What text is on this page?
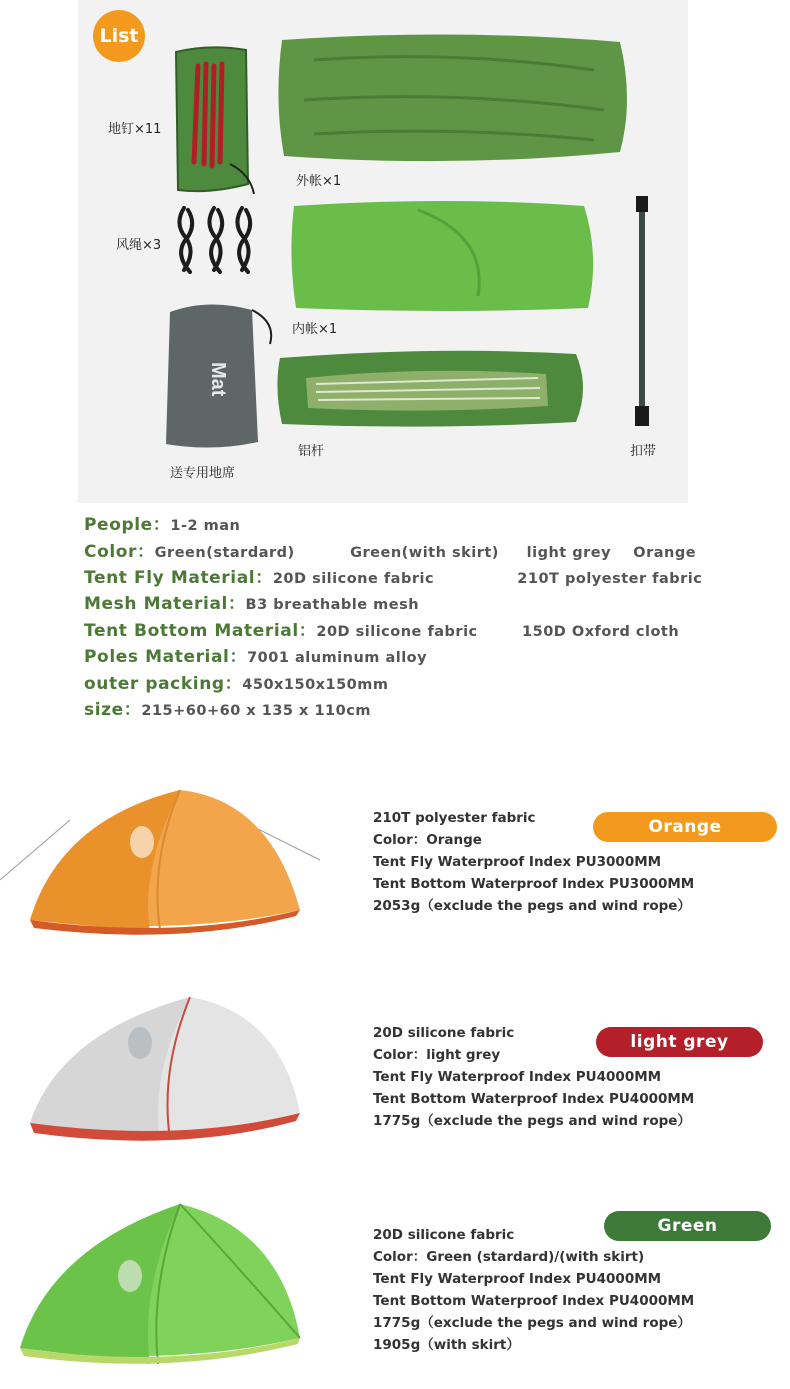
List
地钉×11
外帐×1
风绳×3
内帐×1
Mat
送专用地席
铝杆	扣带
People：1-2 man
Color：Green(stardard)          Green(with skirt)     light grey    Orange
Tent Fly Material：20D silicone fabric               210T polyester fabric
Mesh Material：B3 breathable mesh
Tent Bottom Material：20D silicone fabric        150D Oxford cloth
Poles Material：7001 aluminum alloy
outer packing：450x150x150mm
size：215+60+60 x 135 x 110cm
Orange
210T polyester fabric
Color：Orange
Tent Fly Waterproof Index PU3000MM
Tent Bottom Waterproof Index PU3000MM
2053g（exclude the pegs and wind rope）
light grey
20D silicone fabric
Color：light grey
Tent Fly Waterproof Index PU4000MM
Tent Bottom Waterproof Index PU4000MM
1775g（exclude the pegs and wind rope）
Green
20D silicone fabric
Color：Green (stardard)/(with skirt)
Tent Fly Waterproof Index PU4000MM
Tent Bottom Waterproof Index PU4000MM
1775g（exclude the pegs and wind rope）
1905g（with skirt）
